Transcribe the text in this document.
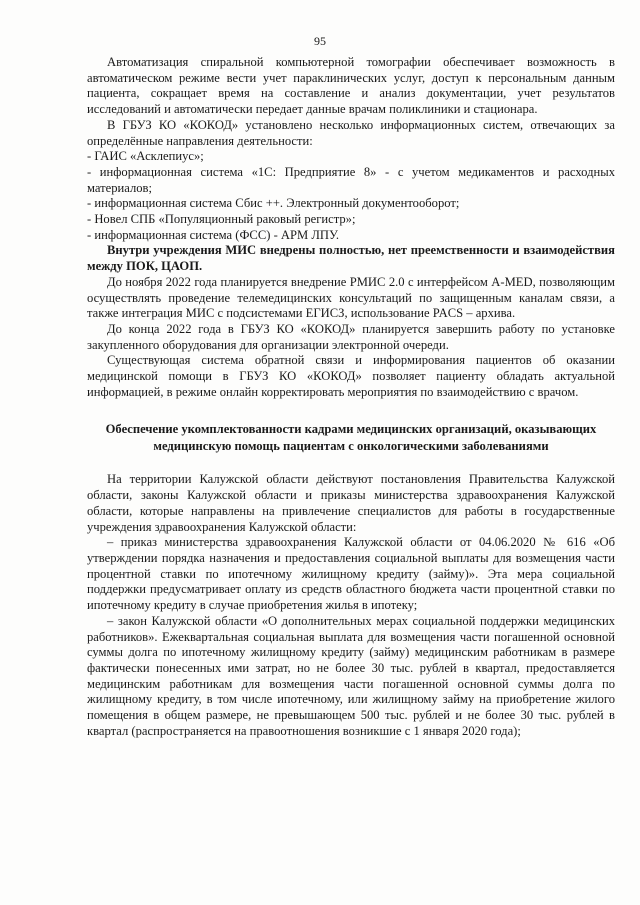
95

Автоматизация спиральной компьютерной томографии обеспечивает возможность в автоматическом режиме вести учет параклинических услуг, доступ к персональным данным пациента, сокращает время на составление и анализ документации, учет результатов исследований и автоматически передает данные врачам поликлиники и стационара.

В ГБУЗ КО «КОКОД» установлено несколько информационных систем, отвечающих за определённые направления деятельности:

- ГАИС «Асклепиус»;

- информационная система «1С: Предприятие 8» - с учетом медикаментов и расходных материалов;

- информационная система Сбис ++. Электронный документооборот;

- Новел СПБ «Популяционный раковый регистр»;

- информационная система (ФСС) - АРМ ЛПУ.

Внутри учреждения МИС внедрены полностью, нет преемственности и взаимодействия между ПОК, ЦАОП.

До ноября 2022 года планируется внедрение РМИС 2.0 с интерфейсом A-MED, позволяющим осуществлять проведение телемедицинских консультаций по защищенным каналам связи, а также интеграция МИС с подсистемами ЕГИСЗ, использование PACS – архива.

До конца 2022 года в ГБУЗ КО «КОКОД» планируется завершить работу по установке закупленного оборудования для организации электронной очереди.

Существующая система обратной связи и информирования пациентов об оказании медицинской помощи в ГБУЗ КО «КОКОД» позволяет пациенту обладать актуальной информацией, в режиме онлайн корректировать мероприятия по взаимодействию с врачом.

Обеспечение укомплектованности кадрами медицинских организаций, оказывающих медицинскую помощь пациентам с онкологическими заболеваниями

На территории Калужской области действуют постановления Правительства Калужской области, законы Калужской области и приказы министерства здравоохранения Калужской области, которые направлены на привлечение специалистов для работы в государственные учреждения здравоохранения Калужской области:

– приказ министерства здравоохранения Калужской области от 04.06.2020 № 616 «Об утверждении порядка назначения и предоставления социальной выплаты для возмещения части процентной ставки по ипотечному жилищному кредиту (займу)». Эта мера социальной поддержки предусматривает оплату из средств областного бюджета части процентной ставки по ипотечному кредиту в случае приобретения жилья в ипотеку;

– закон Калужской области «О дополнительных мерах социальной поддержки медицинских работников». Ежеквартальная социальная выплата для возмещения части погашенной основной суммы долга по ипотечному жилищному кредиту (займу) медицинским работникам в размере фактически понесенных ими затрат, но не более 30 тыс. рублей в квартал, предоставляется медицинским работникам для возмещения части погашенной основной суммы долга по жилищному кредиту, в том числе ипотечному, или жилищному займу на приобретение жилого помещения в общем размере, не превышающем 500 тыс. рублей и не более 30 тыс. рублей в квартал (распространяется на правоотношения возникшие с 1 января 2020 года);
